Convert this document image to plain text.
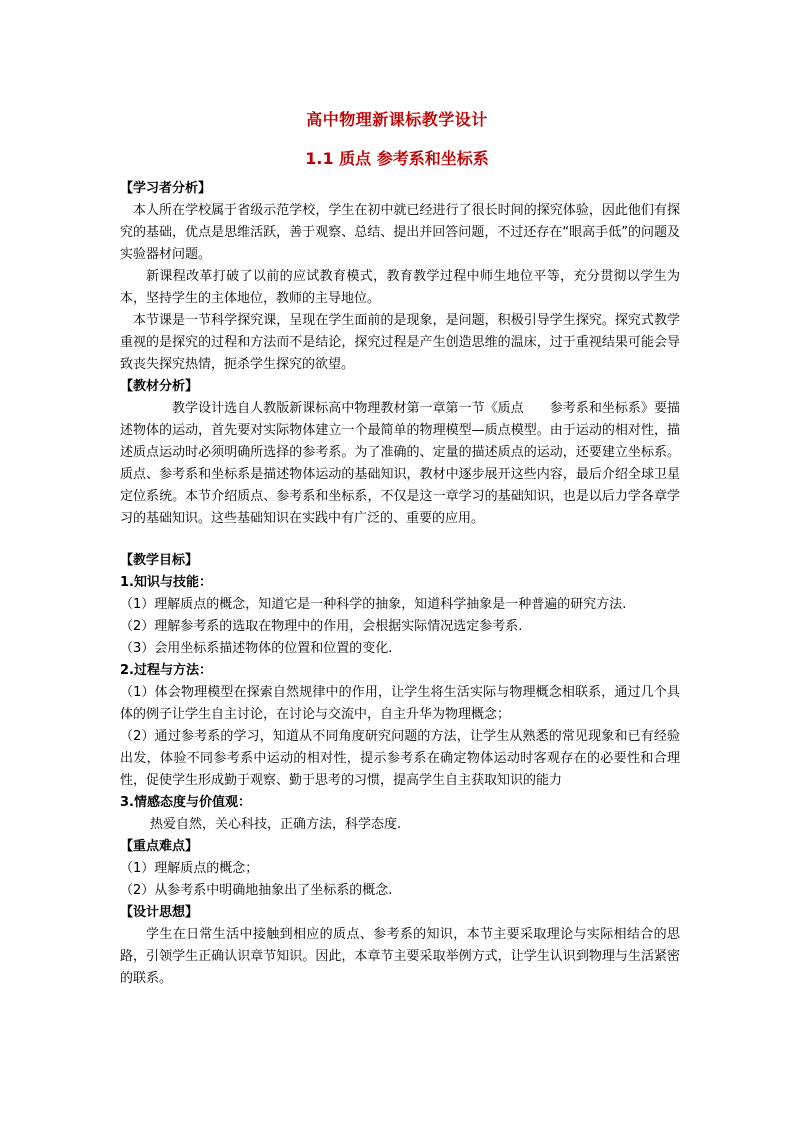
高中物理新课标教学设计
1.1 质点 参考系和坐标系
【学习者分析】

本人所在学校属于省级示范学校，学生在初中就已经进行了很长时间的探究体验，因此他们有探究的基础，优点是思维活跃，善于观察、总结、提出并回答问题，不过还存在“眼高手低”的问题及实验器材问题。

新课程改革打破了以前的应试教育模式，教育教学过程中师生地位平等，充分贯彻以学生为本，坚持学生的主体地位，教师的主导地位。

本节课是一节科学探究课，呈现在学生面前的是现象，是问题，积极引导学生探究。探究式教学重视的是探究的过程和方法而不是结论，探究过程是产生创造思维的温床，过于重视结果可能会导致丧失探究热情，扼杀学生探究的欲望。

【教材分析】

教学设计选自人教版新课标高中物理教材第一章第一节《质点　　参考系和坐标系》要描述物体的运动，首先要对实际物体建立一个最简单的物理模型—质点模型。由于运动的相对性，描述质点运动时必须明确所选择的参考系。为了准确的、定量的描述质点的运动，还要建立坐标系。质点、参考系和坐标系是描述物体运动的基础知识，教材中逐步展开这些内容，最后介绍全球卫星定位系统。本节介绍质点、参考系和坐标系，不仅是这一章学习的基础知识，也是以后力学各章学习的基础知识。这些基础知识在实践中有广泛的、重要的应用。

【教学目标】
1.知识与技能：
（1）理解质点的概念，知道它是一种科学的抽象，知道科学抽象是一种普遍的研究方法.
（2）理解参考系的选取在物理中的作用，会根据实际情况选定参考系.
（3）会用坐标系描述物体的位置和位置的变化.
2.过程与方法：

（1）体会物理模型在探索自然规律中的作用，让学生将生活实际与物理概念相联系，通过几个具体的例子让学生自主讨论，在讨论与交流中，自主升华为物理概念；

（2）通过参考系的学习，知道从不同角度研究问题的方法，让学生从熟悉的常见现象和已有经验出发，体验不同参考系中运动的相对性，提示参考系在确定物体运动时客观存在的必要性和合理性，促使学生形成勤于观察、勤于思考的习惯，提高学生自主获取知识的能力

3.情感态度与价值观：
热爱自然，关心科技，正确方法，科学态度.
【重点难点】
（1）理解质点的概念；
（2）从参考系中明确地抽象出了坐标系的概念.
【设计思想】

学生在日常生活中接触到相应的质点、参考系的知识，本节主要采取理论与实际相结合的思路，引领学生正确认识章节知识。因此，本章节主要采取举例方式，让学生认识到物理与生活紧密的联系。
